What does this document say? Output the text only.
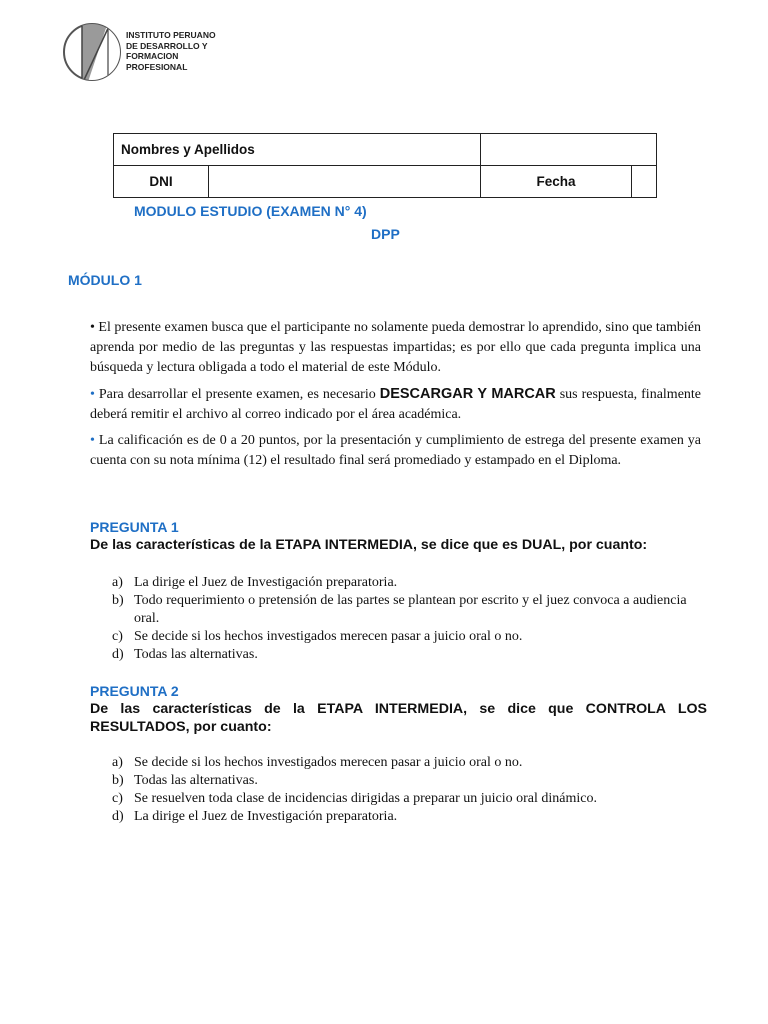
INSTITUTO PERUANO
DE DESARROLLO Y
FORMACION
PROFESIONAL
Nombres y Apellidos			
DNI		Fecha	
MODULO ESTUDIO (EXAMEN N° 4)
DPP
MÓDULO 1

• El presente examen busca que el participante no solamente pueda demostrar lo aprendido, sino que también aprenda por medio de las preguntas y las respuestas impartidas; es por ello que cada pregunta implica una búsqueda y lectura obligada a todo el material de este Módulo.

• Para desarrollar el presente examen, es necesario DESCARGAR Y MARCAR sus respuesta, finalmente deberá remitir el archivo al correo indicado por el área académica.

• La calificación es de 0 a 20 puntos, por la presentación y cumplimiento de estrega del presente examen ya cuenta con su nota mínima (12) el resultado final será promediado y estampado en el Diploma.

PREGUNTA 1
De las características de la ETAPA INTERMEDIA, se dice que es DUAL, por cuanto:
a) La dirige el Juez de Investigación preparatoria.
b) Todo requerimiento o pretensión de las partes se plantean por escrito y el juez convoca a audiencia oral.
c) Se decide si los hechos investigados merecen pasar a juicio oral o no.
d) Todas las alternativas.
PREGUNTA 2
De las características de la ETAPA INTERMEDIA, se dice que CONTROLA LOS RESULTADOS, por cuanto:
a) Se decide si los hechos investigados merecen pasar a juicio oral o no.
b) Todas las alternativas.
c) Se resuelven toda clase de incidencias dirigidas a preparar un juicio oral dinámico.
d) La dirige el Juez de Investigación preparatoria.
